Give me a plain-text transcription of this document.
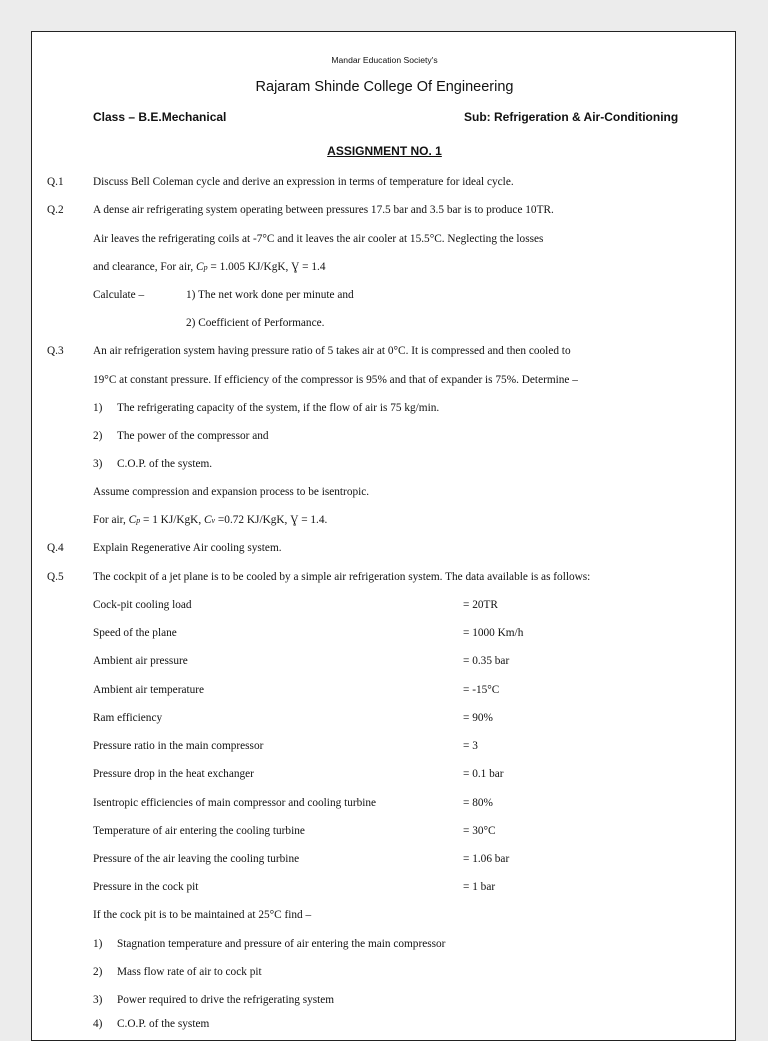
Mandar Education Society's
Rajaram Shinde College Of Engineering
Class – B.E.Mechanical	Sub: Refrigeration & Air-Conditioning
ASSIGNMENT NO. 1
Q.1	Discuss Bell Coleman cycle and derive an expression in terms of temperature for ideal cycle.
Q.2	A dense air refrigerating system operating between pressures 17.5 bar and 3.5 bar is to produce 10TR.
Air leaves the refrigerating coils at -7°C and it leaves the air cooler at 15.5°C. Neglecting the losses
and clearance, For air, Cp = 1.005 KJ/KgK, Ɣ = 1.4
Calculate –	1) The net work done per minute and
2) Coefficient of Performance.
Q.3	An air refrigeration system having pressure ratio of 5 takes air at 0°C. It is compressed and then cooled to
19°C at constant pressure. If efficiency of the compressor is 95% and that of expander is 75%. Determine –
1) The refrigerating capacity of the system, if the flow of air is 75 kg/min.
2) The power of the compressor and
3) C.O.P. of the system.
Assume compression and expansion process to be isentropic.
For air, Cp = 1 KJ/KgK, Cv =0.72 KJ/KgK, Ɣ = 1.4.
Q.4	Explain Regenerative Air cooling system.
Q.5	The cockpit of a jet plane is to be cooled by a simple air refrigeration system. The data available is as follows:
Cock-pit cooling load	= 20TR
Speed of the plane	= 1000 Km/h
Ambient air pressure	= 0.35 bar
Ambient air temperature	= -15°C
Ram efficiency	= 90%
Pressure ratio in the main compressor	= 3
Pressure drop in the heat exchanger	= 0.1 bar
Isentropic efficiencies of main compressor and cooling turbine	= 80%
Temperature of air entering the cooling turbine	= 30°C
Pressure of the air leaving the cooling turbine	= 1.06 bar
Pressure in the cock pit	= 1 bar
If the cock pit is to be maintained at 25°C find –
1) Stagnation temperature and pressure of air entering the main compressor
2) Mass flow rate of air to cock pit
3) Power required to drive the refrigerating system
4) C.O.P. of the system
